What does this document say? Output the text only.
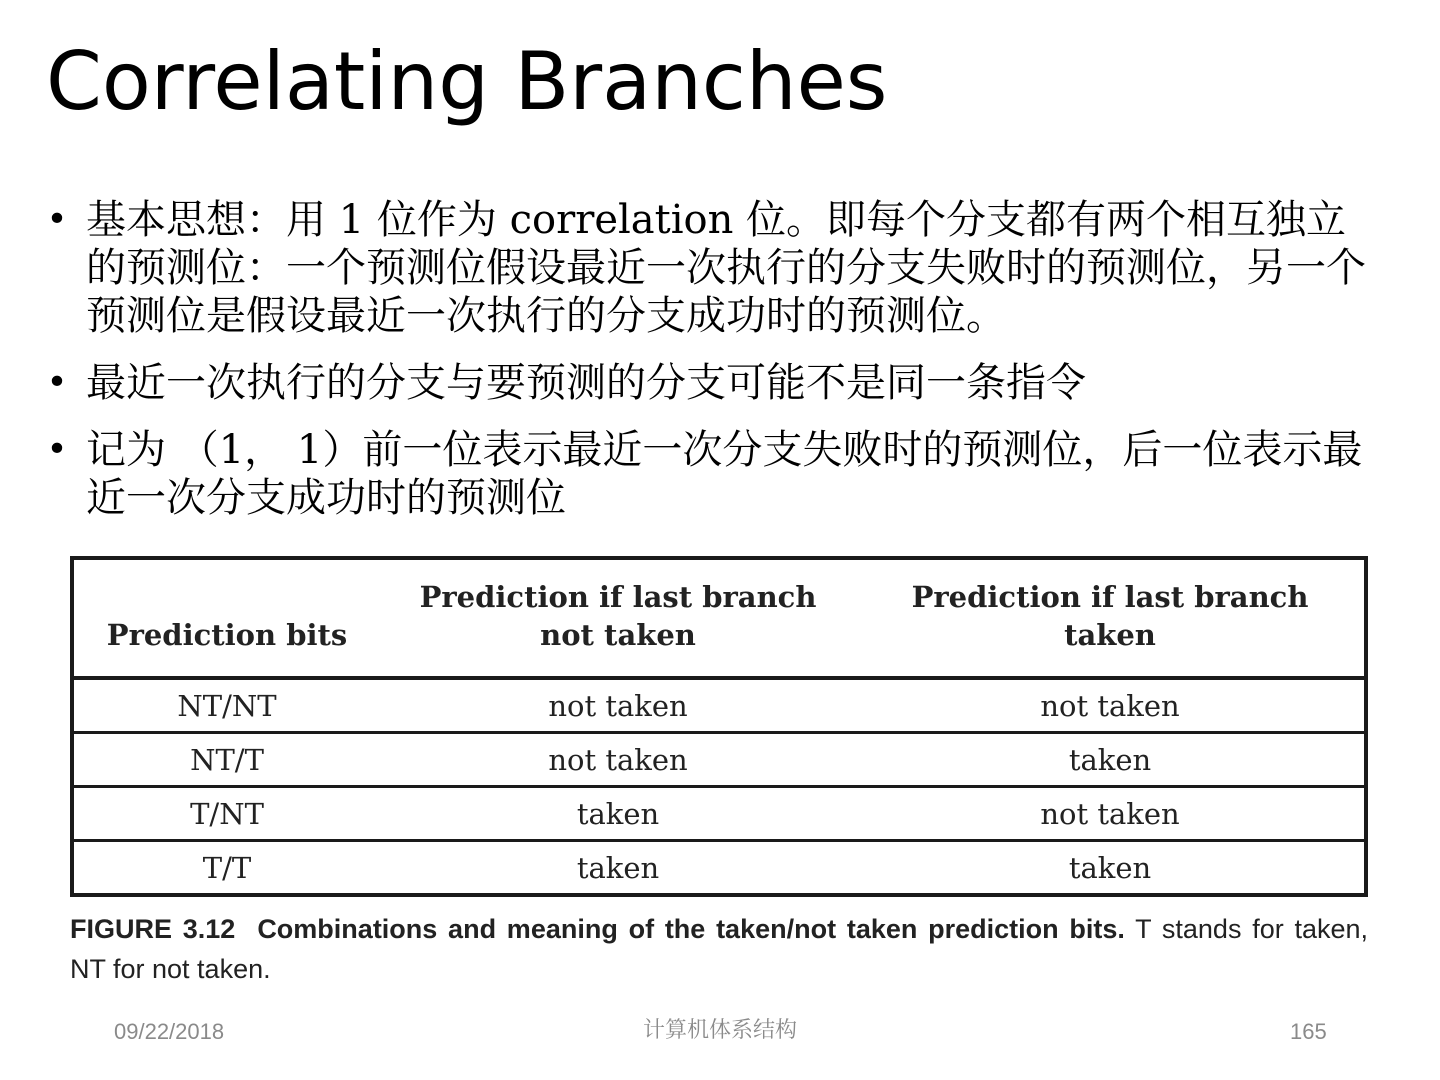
Correlating Branches
• 基本思想：用 1 位作为 correlation 位。即每个分支都有两个相互独立的预测位：一个预测位假设最近一次执行的分支失败时的预测位，另一个预测位是假设最近一次执行的分支成功时的预测位。
• 最近一次执行的分支与要预测的分支可能不是同一条指令
• 记为 （1， 1）前一位表示最近一次分支失败时的预测位，后一位表示最近一次分支成功时的预测位
Prediction bits	Prediction if last branch not taken	Prediction if last branch taken
NT/NT	not taken	not taken
NT/T	not taken	taken
T/NT	taken	not taken
T/T	taken	taken
FIGURE 3.12 Combinations and meaning of the taken/not taken prediction bits. T stands for taken, NT for not taken.
09/22/2018	计算机体系结构	165
